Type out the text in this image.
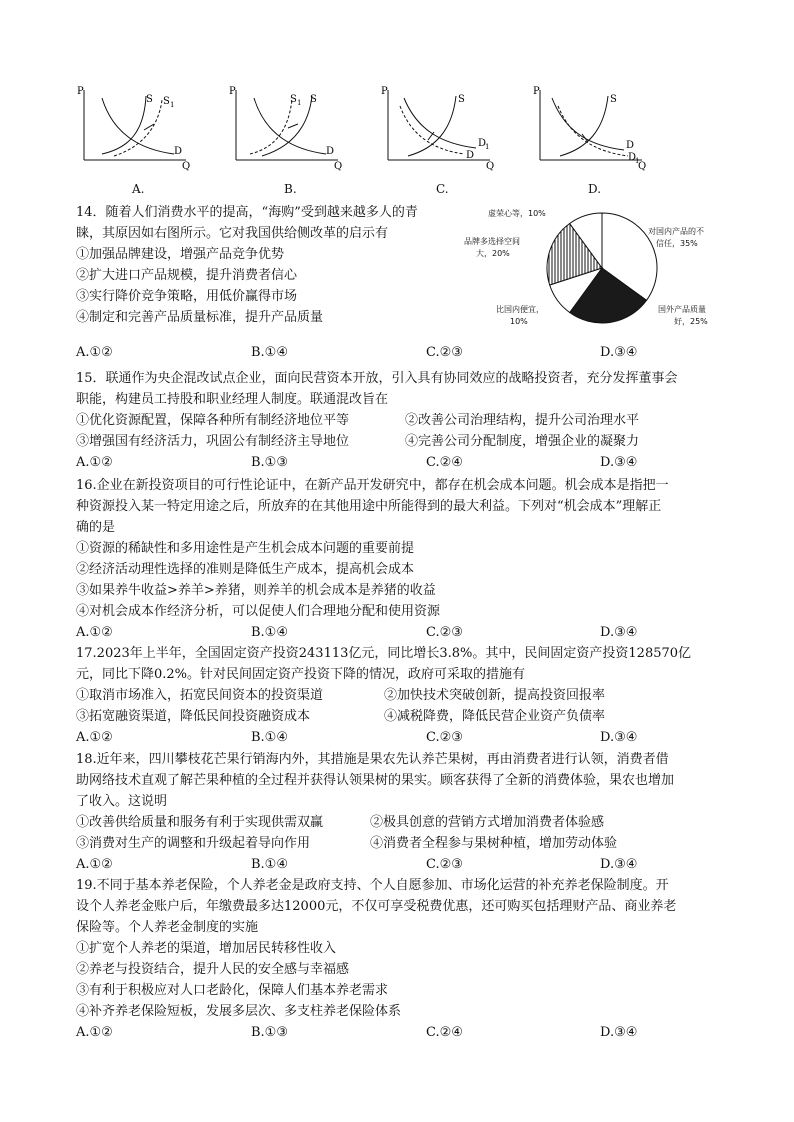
P
Q
S S 1
D
A.
P
Q
S
S 1
D
B.
P
Q
S
D
1
D
C.
P
Q
S
D
D
1
D.
14．随着人们消费水平的提高，“海购”受到越来越多人的青
睐，其原因如右图所示。它对我国供给侧改革的启示有
①加强品牌建设，增强产品竞争优势
②扩大进口产品规模，提升消费者信心
③实行降价竞争策略，用低价赢得市场
④制定和完善产品质量标准，提升产品质量
A.①②	B.①④	C.②③	D.③④
虚荣心等，10%
对国内产品的不
信任，35%
品牌多选择空间
大，20%
比国内便宜，
10%
国外产品质量
好，25%
15．联通作为央企混改试点企业，面向民营资本开放，引入具有协同效应的战略投资者，充分发挥董事会
职能，构建员工持股和职业经理人制度。联通混改旨在
①优化资源配置，保障各种所有制经济地位平等	②改善公司治理结构，提升公司治理水平
③增强国有经济活力，巩固公有制经济主导地位	④完善公司分配制度，增强企业的凝聚力
A.①②	B.①③	C.②④	D.③④
16.企业在新投资项目的可行性论证中，在新产品开发研究中，都存在机会成本问题。机会成本是指把一
种资源投入某一特定用途之后，所放弃的在其他用途中所能得到的最大利益。下列对“机会成本”理解正
确的是
①资源的稀缺性和多用途性是产生机会成本问题的重要前提
②经济活动理性选择的准则是降低生产成本，提高机会成本
③如果养牛收益>养羊>养猪，则养羊的机会成本是养猪的收益
④对机会成本作经济分析，可以促使人们合理地分配和使用资源
A.①②	B.①④	C.②③	D.③④
17.2023年上半年，全国固定资产投资243113亿元，同比增长3.8%。其中，民间固定资产投资128570亿
元，同比下降0.2%。针对民间固定资产投资下降的情况，政府可采取的措施有
①取消市场准入，拓宽民间资本的投资渠道	②加快技术突破创新，提高投资回报率
③拓宽融资渠道，降低民间投资融资成本	④减税降费，降低民营企业资产负债率
A.①②	B.①④	C.②③	D.③④
18.近年来，四川攀枝花芒果行销海内外，其措施是果农先认养芒果树，再由消费者进行认领，消费者借
助网络技术直观了解芒果种植的全过程并获得认领果树的果实。顾客获得了全新的消费体验，果农也增加
了收入。这说明
①改善供给质量和服务有利于实现供需双赢	②极具创意的营销方式增加消费者体验感
③消费对生产的调整和升级起着导向作用	④消费者全程参与果树种植，增加劳动体验
A.①②	B.①④	C.②③	D.③④
19.不同于基本养老保险，个人养老金是政府支持、个人自愿参加、市场化运营的补充养老保险制度。开
设个人养老金账户后，年缴费最多达12000元，不仅可享受税费优惠，还可购买包括理财产品、商业养老
保险等。个人养老金制度的实施
①扩宽个人养老的渠道，增加居民转移性收入
②养老与投资结合，提升人民的安全感与幸福感
③有利于积极应对人口老龄化，保障人们基本养老需求
④补齐养老保险短板，发展多层次、多支柱养老保险体系
A.①②	B.①③	C.②④	D.③④
